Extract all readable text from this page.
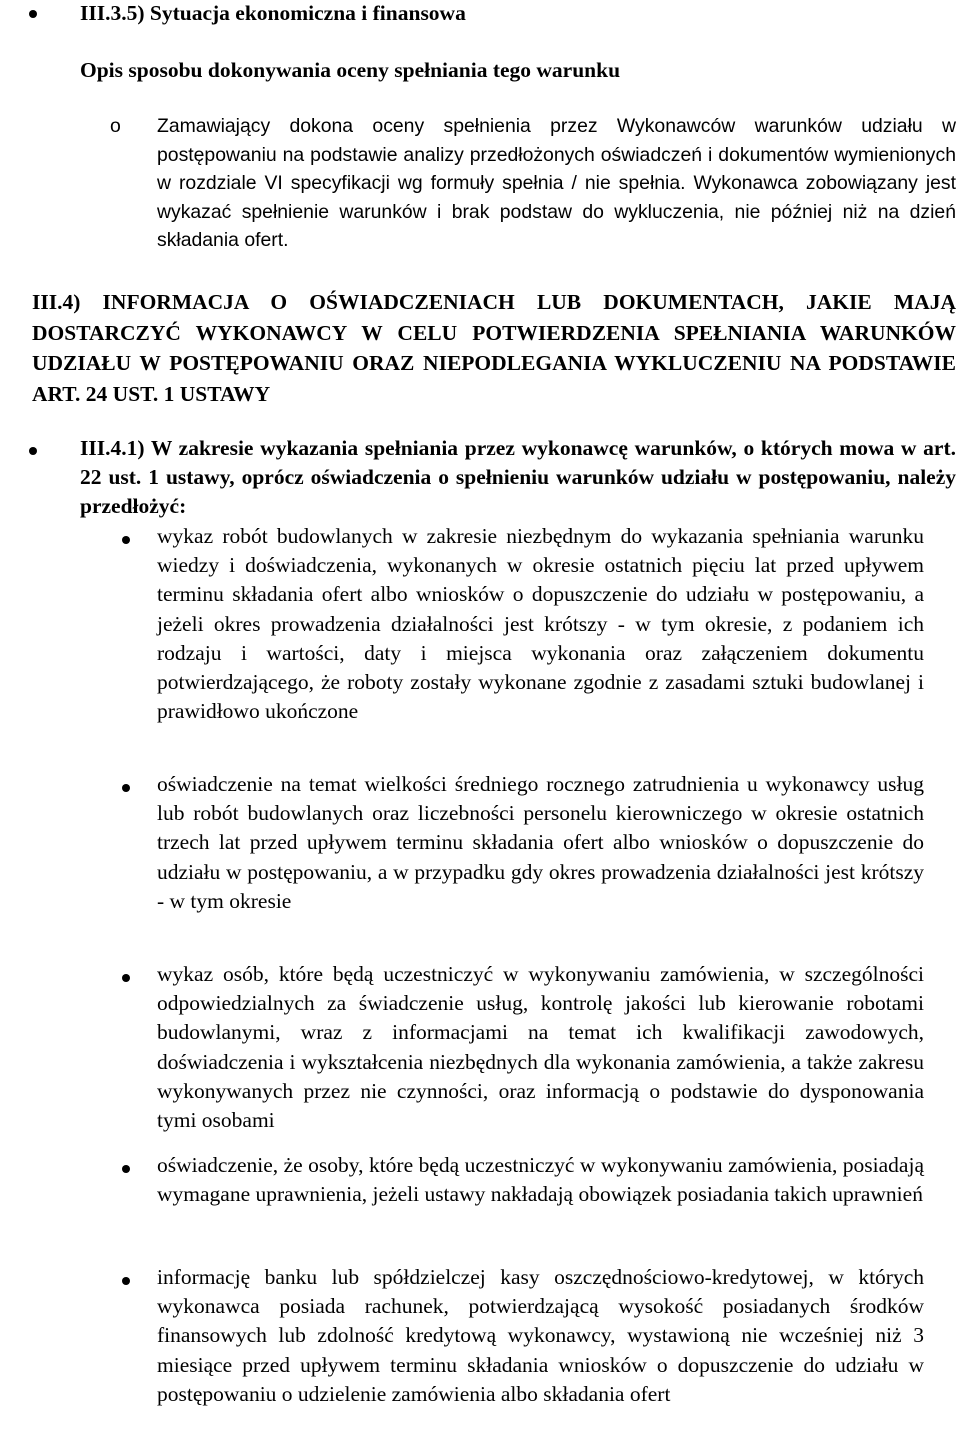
III.3.5) Sytuacja ekonomiczna i finansowa
Opis sposobu dokonywania oceny spełniania tego warunku
o Zamawiający dokona oceny spełnienia przez Wykonawców warunków udziału w postępowaniu na podstawie analizy przedłożonych oświadczeń i dokumentów wymienionych w rozdziale VI specyfikacji wg formuły spełnia / nie spełnia. Wykonawca zobowiązany jest wykazać spełnienie warunków i brak podstaw do wykluczenia, nie później niż na dzień składania ofert.
III.4) INFORMACJA O OŚWIADCZENIACH LUB DOKUMENTACH, JAKIE MAJĄ DOSTARCZYĆ WYKONAWCY W CELU POTWIERDZENIA SPEŁNIANIA WARUNKÓW UDZIAŁU W POSTĘPOWANIU ORAZ NIEPODLEGANIA WYKLUCZENIU NA PODSTAWIE ART. 24 UST. 1 USTAWY
III.4.1) W zakresie wykazania spełniania przez wykonawcę warunków, o których mowa w art. 22 ust. 1 ustawy, oprócz oświadczenia o spełnieniu warunków udziału w postępowaniu, należy przedłożyć:
wykaz robót budowlanych w zakresie niezbędnym do wykazania spełniania warunku wiedzy i doświadczenia, wykonanych w okresie ostatnich pięciu lat przed upływem terminu składania ofert albo wniosków o dopuszczenie do udziału w postępowaniu, a jeżeli okres prowadzenia działalności jest krótszy - w tym okresie, z podaniem ich rodzaju i wartości, daty i miejsca wykonania oraz załączeniem dokumentu potwierdzającego, że roboty zostały wykonane zgodnie z zasadami sztuki budowlanej i prawidłowo ukończone
oświadczenie na temat wielkości średniego rocznego zatrudnienia u wykonawcy usług lub robót budowlanych oraz liczebności personelu kierowniczego w okresie ostatnich trzech lat przed upływem terminu składania ofert albo wniosków o dopuszczenie do udziału w postępowaniu, a w przypadku gdy okres prowadzenia działalności jest krótszy - w tym okresie
wykaz osób, które będą uczestniczyć w wykonywaniu zamówienia, w szczególności odpowiedzialnych za świadczenie usług, kontrolę jakości lub kierowanie robotami budowlanymi, wraz z informacjami na temat ich kwalifikacji zawodowych, doświadczenia i wykształcenia niezbędnych dla wykonania zamówienia, a także zakresu wykonywanych przez nie czynności, oraz informacją o podstawie do dysponowania tymi osobami
oświadczenie, że osoby, które będą uczestniczyć w wykonywaniu zamówienia, posiadają wymagane uprawnienia, jeżeli ustawy nakładają obowiązek posiadania takich uprawnień
informację banku lub spółdzielczej kasy oszczędnościowo-kredytowej, w których wykonawca posiada rachunek, potwierdzającą wysokość posiadanych środków finansowych lub zdolność kredytową wykonawcy, wystawioną nie wcześniej niż 3 miesiące przed upływem terminu składania wniosków o dopuszczenie do udziału w postępowaniu o udzielenie zamówienia albo składania ofert
